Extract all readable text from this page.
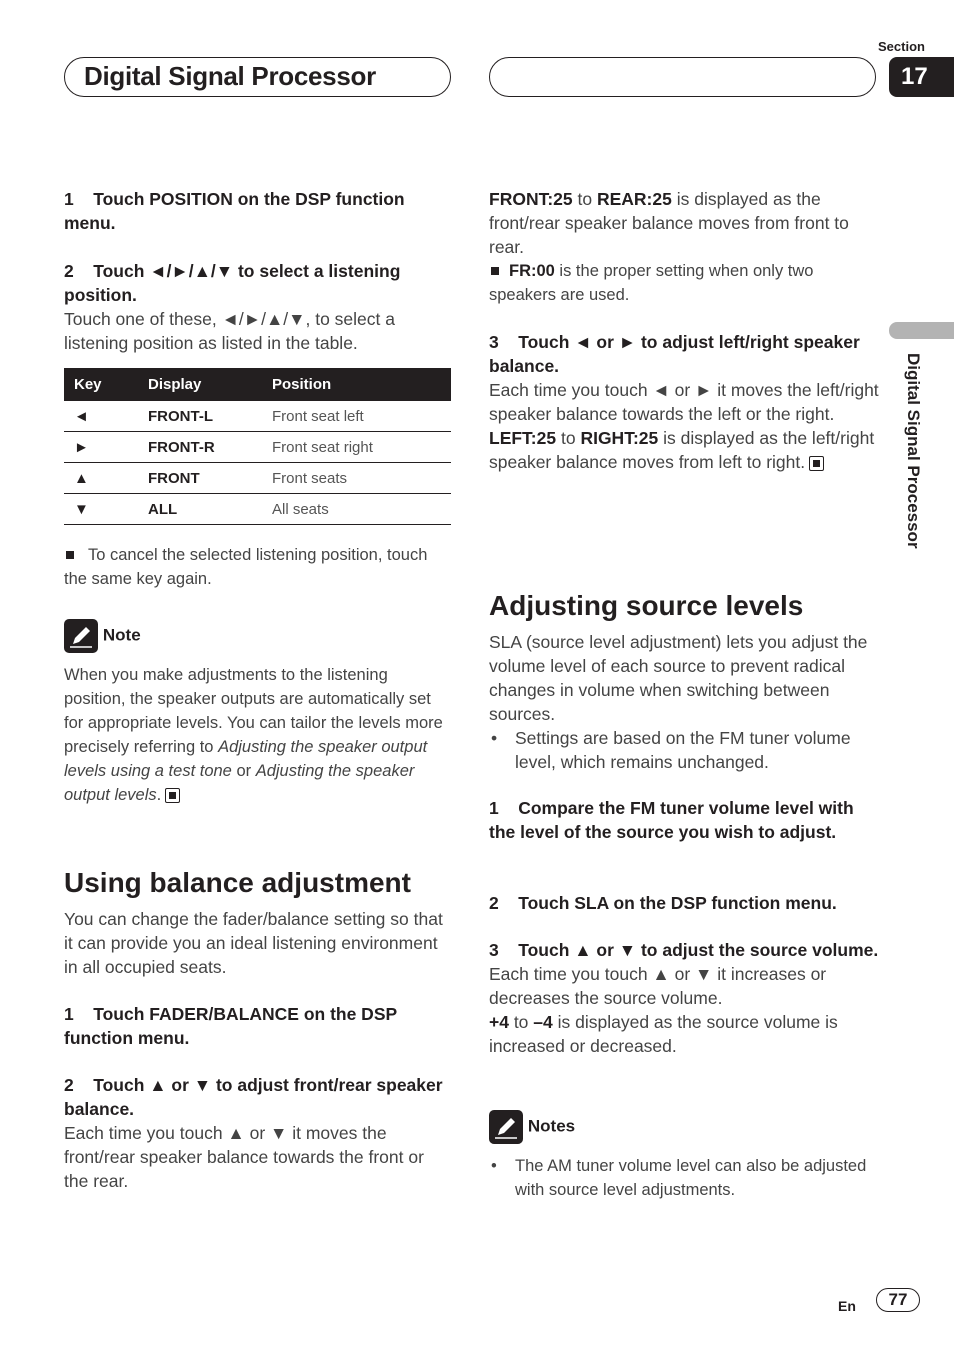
Digital Signal Processor
Section
17
Digital Signal Processor

1 Touch POSITION on the DSP function menu.

2 Touch ◄/►/▲/▼ to select a listening position.

Touch one of these, ◄/►/▲/▼, to select a listening position as listed in the table.

Key	Display	Position
◄	FRONT-L	Front seat left
►	FRONT-R	Front seat right
▲	FRONT	Front seats
▼	ALL	All seats

To cancel the selected listening position, touch the same key again.

Note

When you make adjustments to the listening position, the speaker outputs are automatically set for appropriate levels. You can tailor the levels more precisely referring to Adjusting the speaker output levels using a test tone or Adjusting the speaker output levels.

Using balance adjustment
You can change the fader/balance setting so that it can provide you an ideal listening environment in all occupied seats.

1 Touch FADER/BALANCE on the DSP function menu.

2 Touch ▲ or ▼ to adjust front/rear speaker balance.

Each time you touch ▲ or ▼ it moves the front/rear speaker balance towards the front or the rear.

FRONT:25 to REAR:25 is displayed as the front/rear speaker balance moves from front to rear.

FR:00 is the proper setting when only two speakers are used.

3 Touch ◄ or ► to adjust left/right speaker balance.

Each time you touch ◄ or ► it moves the left/right speaker balance towards the left or the right.

LEFT:25 to RIGHT:25 is displayed as the left/right speaker balance moves from left to right.

Adjusting source levels

SLA (source level adjustment) lets you adjust the volume level of each source to prevent radical changes in volume when switching between sources.

• Settings are based on the FM tuner volume level, which remains unchanged.

1 Compare the FM tuner volume level with the level of the source you wish to adjust.

2 Touch SLA on the DSP function menu.

3 Touch ▲ or ▼ to adjust the source volume.

Each time you touch ▲ or ▼ it increases or decreases the source volume.

+4 to –4 is displayed as the source volume is increased or decreased.

Notes

• The AM tuner volume level can also be adjusted with source level adjustments.

En	77
